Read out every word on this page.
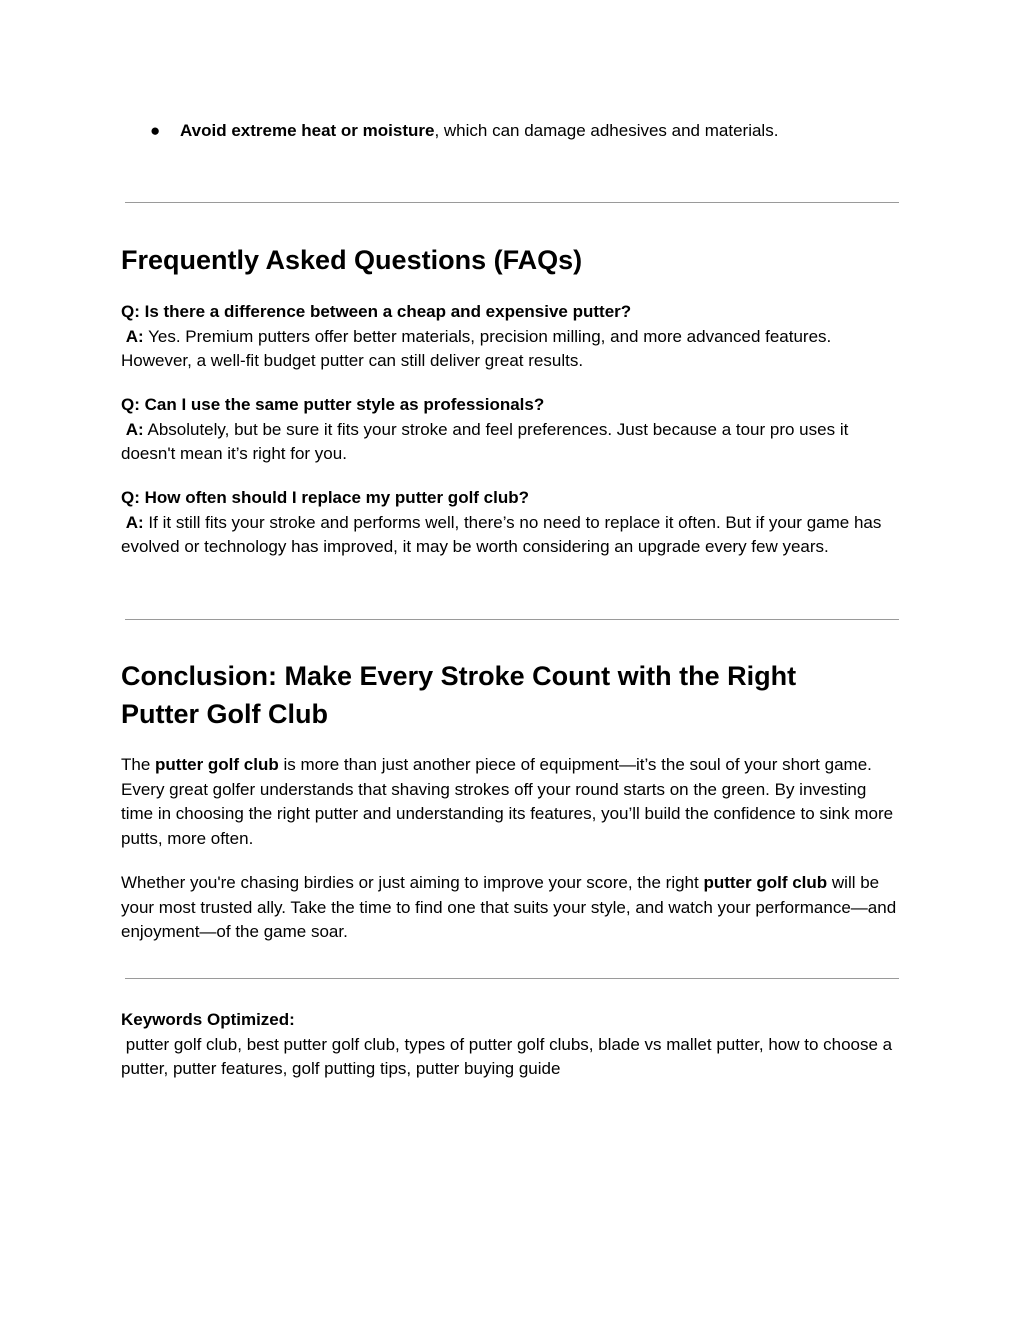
● Avoid extreme heat or moisture, which can damage adhesives and materials.
Frequently Asked Questions (FAQs)
Q: Is there a difference between a cheap and expensive putter?
A: Yes. Premium putters offer better materials, precision milling, and more advanced features. However, a well-fit budget putter can still deliver great results.
Q: Can I use the same putter style as professionals?
A: Absolutely, but be sure it fits your stroke and feel preferences. Just because a tour pro uses it doesn't mean it’s right for you.
Q: How often should I replace my putter golf club?
A: If it still fits your stroke and performs well, there’s no need to replace it often. But if your game has evolved or technology has improved, it may be worth considering an upgrade every few years.
Conclusion: Make Every Stroke Count with the Right Putter Golf Club
The putter golf club is more than just another piece of equipment—it’s the soul of your short game. Every great golfer understands that shaving strokes off your round starts on the green. By investing time in choosing the right putter and understanding its features, you’ll build the confidence to sink more putts, more often.
Whether you're chasing birdies or just aiming to improve your score, the right putter golf club will be your most trusted ally. Take the time to find one that suits your style, and watch your performance—and enjoyment—of the game soar.
Keywords Optimized:
putter golf club, best putter golf club, types of putter golf clubs, blade vs mallet putter, how to choose a putter, putter features, golf putting tips, putter buying guide
